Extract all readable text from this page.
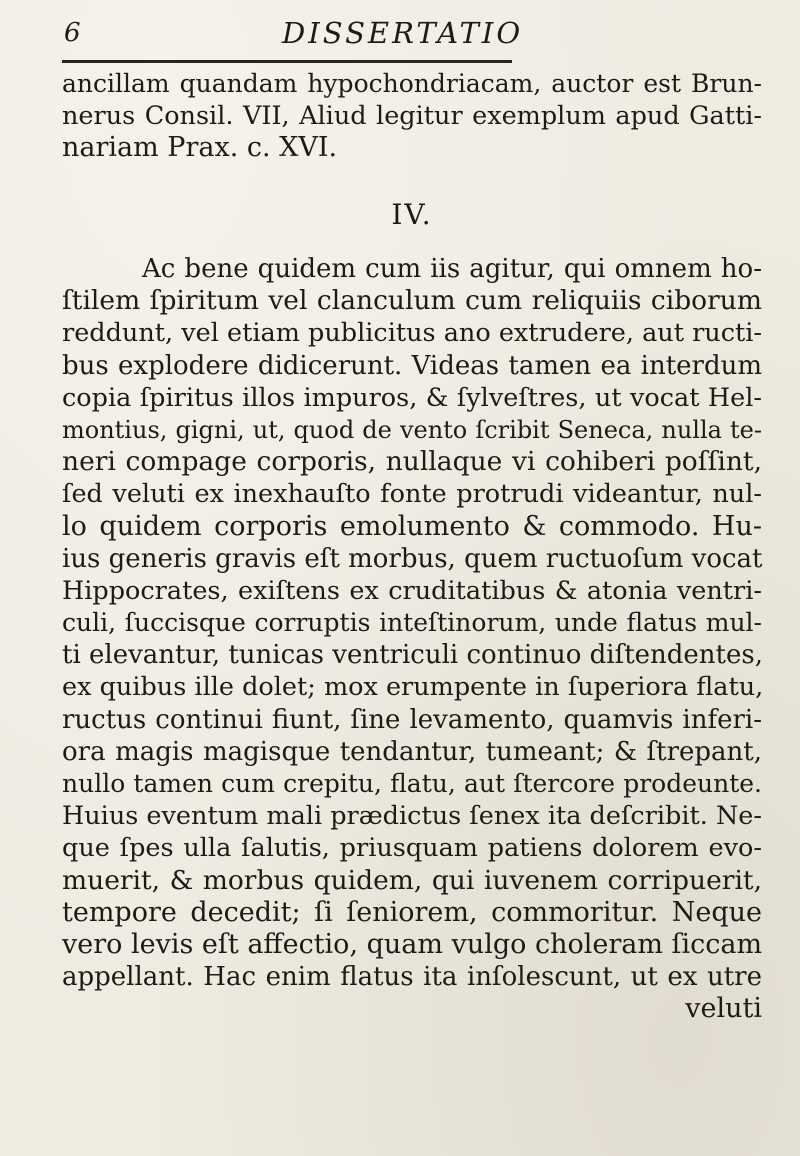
6	DISSERTATIO
ancillam quandam hypochondriacam, auctor est Brun-
nerus Consil. VII, Aliud legitur exemplum apud Gatti-
nariam Prax. c. XVI.
IV.
Ac bene quidem cum iis agitur, qui omnem ho-
ſtilem ſpiritum vel clanculum cum reliquiis ciborum
reddunt, vel etiam publicitus ano extrudere, aut ructi-
bus explodere didicerunt. Videas tamen ea interdum
copia ſpiritus illos impuros, & ſylveſtres, ut vocat Hel-
montius, gigni, ut, quod de vento ſcribit Seneca, nulla te-
neri compage corporis, nullaque vi cohiberi poſſint,
ſed veluti ex inexhauſto fonte protrudi videantur, nul-
lo quidem corporis emolumento & commodo. Hu-
ius generis gravis eſt morbus, quem ructuoſum vocat
Hippocrates, exiſtens ex cruditatibus & atonia ventri-
culi, ſuccisque corruptis inteſtinorum, unde flatus mul-
ti elevantur, tunicas ventriculi continuo diſtendentes,
ex quibus ille dolet; mox erumpente in ſuperiora flatu,
ructus continui fiunt, ſine levamento, quamvis inferi-
ora magis magisque tendantur, tumeant; & ſtrepant,
nullo tamen cum crepitu, flatu, aut ſtercore prodeunte.
Huius eventum mali prædictus ſenex ita deſcribit. Ne-
que ſpes ulla ſalutis, priusquam patiens dolorem evo-
muerit, & morbus quidem, qui iuvenem corripuerit,
tempore decedit; ſi ſeniorem, commoritur. Neque
vero levis eſt affectio, quam vulgo choleram ſiccam
appellant. Hac enim flatus ita inſolescunt, ut ex utre
veluti
